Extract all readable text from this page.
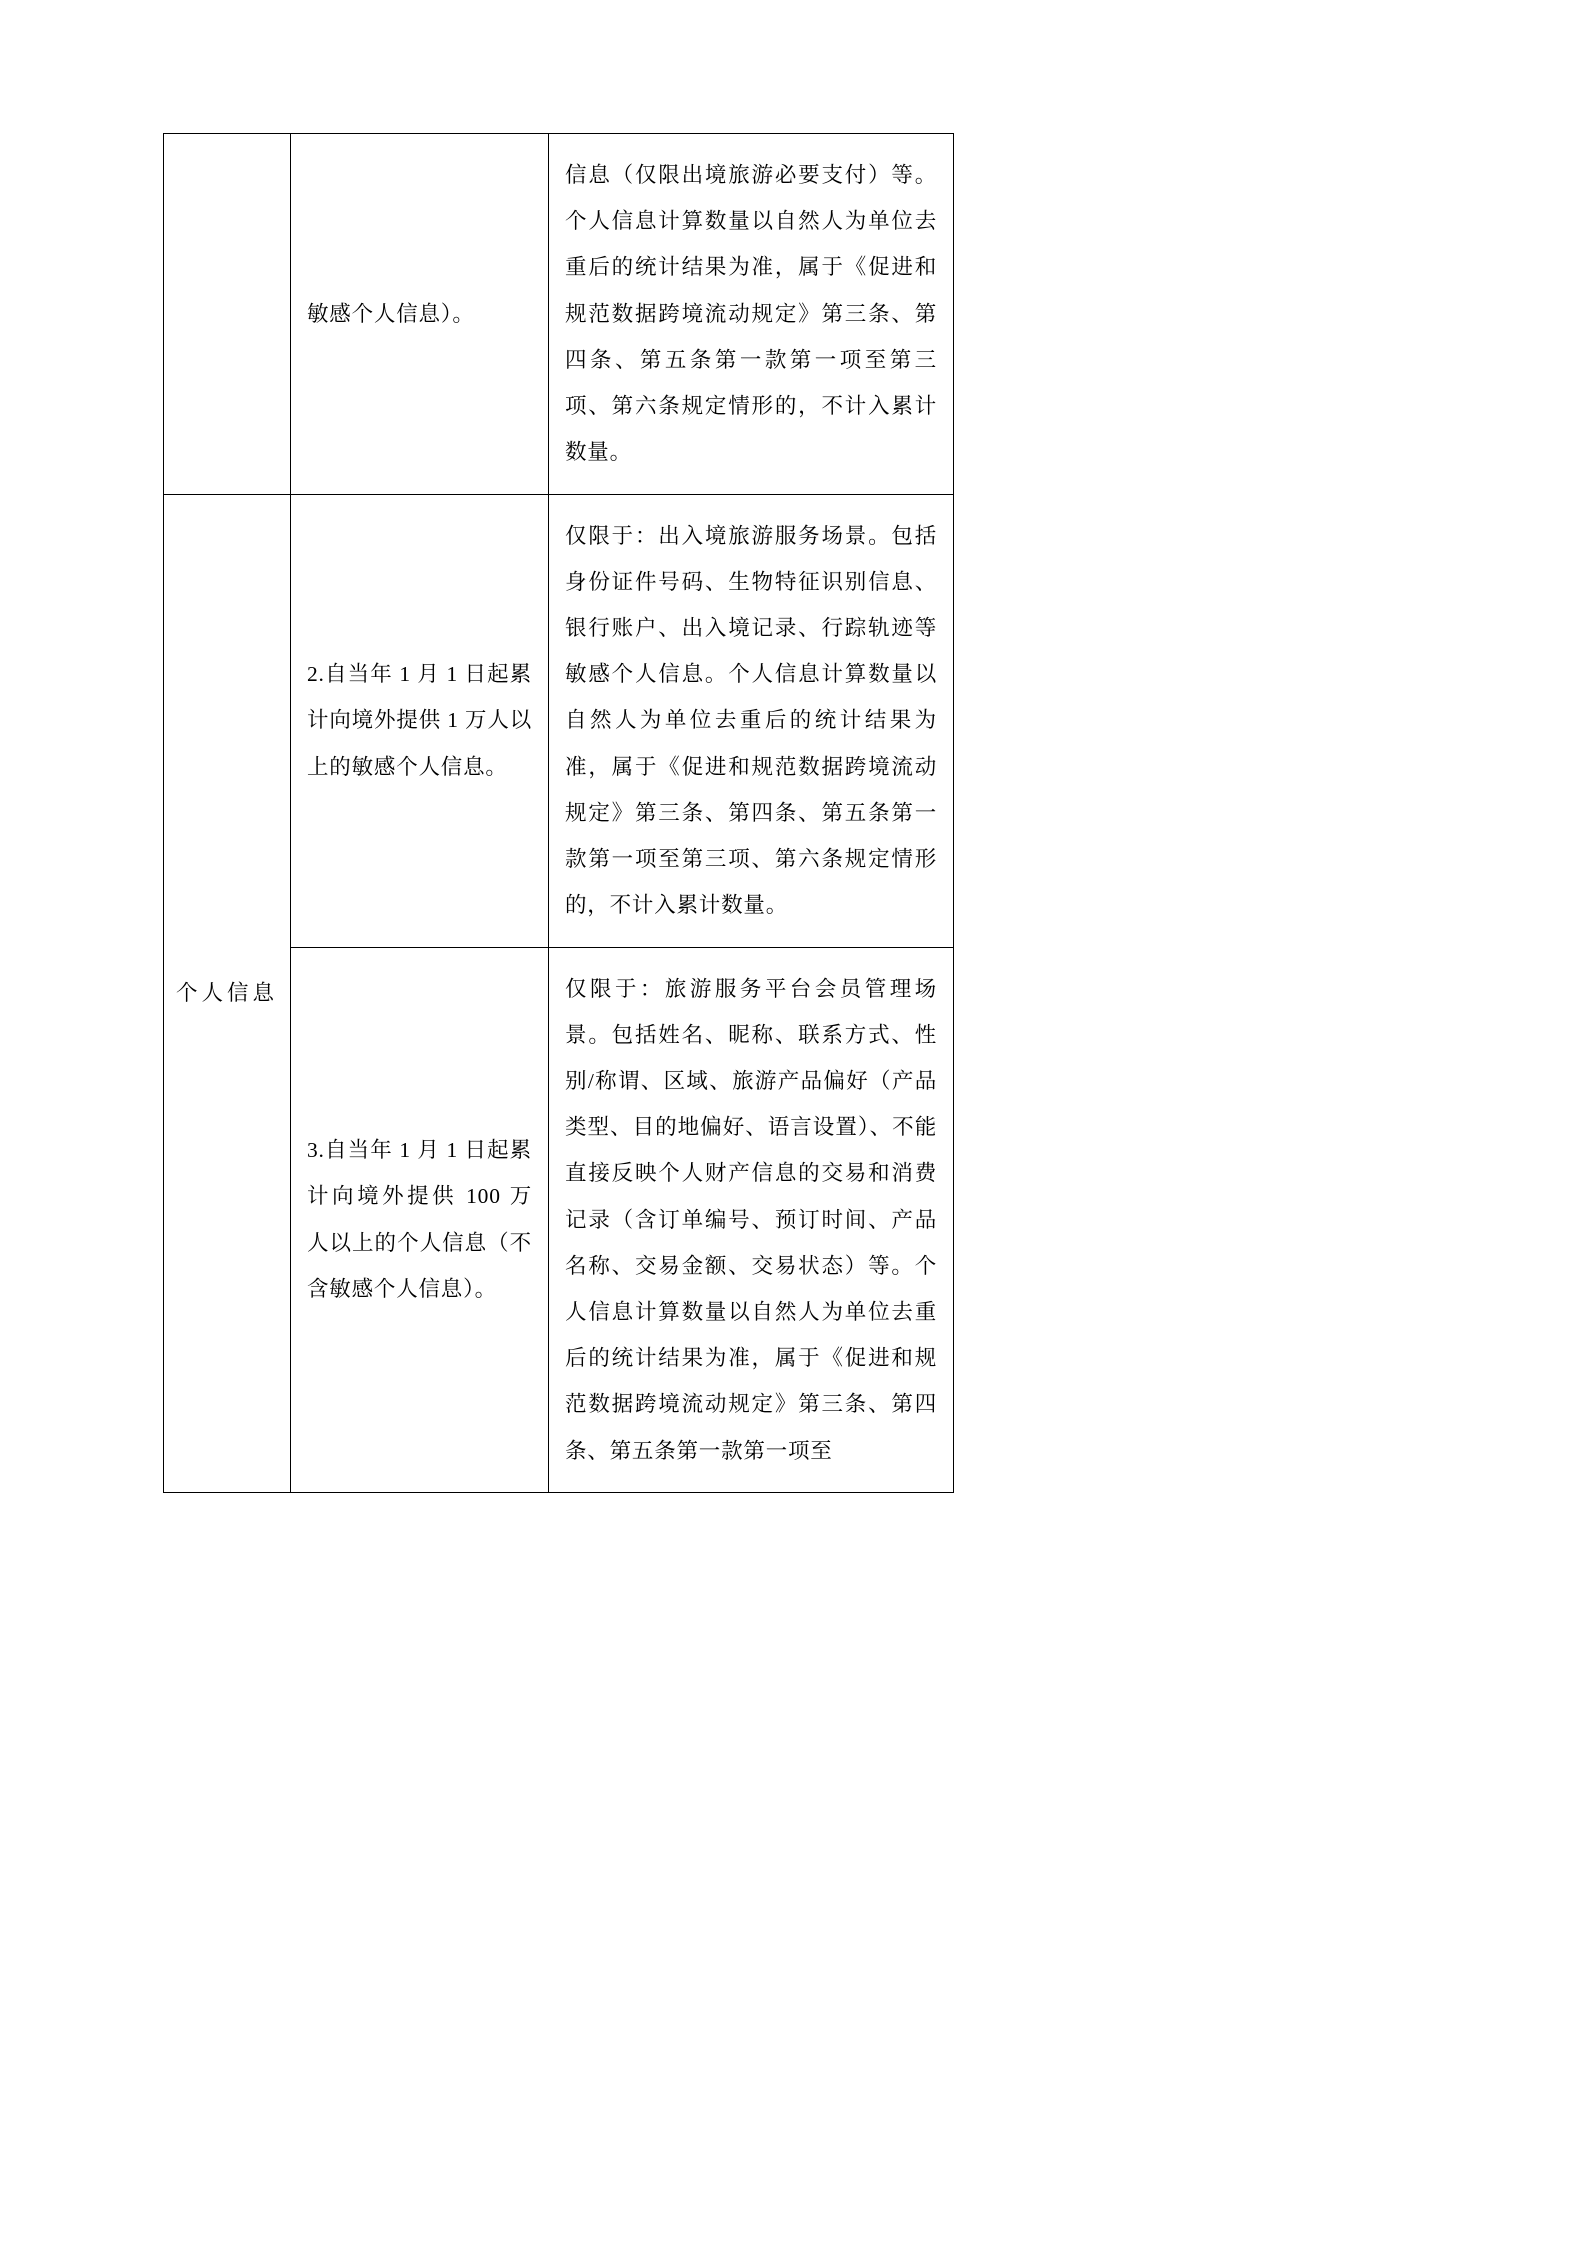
	敏感个人信息）。	信息（仅限出境旅游必要支付）等。个人信息计算数量以自然人为单位去重后的统计结果为准，属于《促进和规范数据跨境流动规定》第三条、第四条、第五条第一款第一项至第三项、第六条规定情形的，不计入累计数量。

个人信息	2.自当年 1 月 1 日起累计向境外提供 1 万人以上的敏感个人信息。	仅限于：出入境旅游服务场景。包括身份证件号码、生物特征识别信息、银行账户、出入境记录、行踪轨迹等敏感个人信息。个人信息计算数量以自然人为单位去重后的统计结果为准，属于《促进和规范数据跨境流动规定》第三条、第四条、第五条第一款第一项至第三项、第六条规定情形的，不计入累计数量。

	3.自当年 1 月 1 日起累计向境外提供 100 万人以上的个人信息（不含敏感个人信息）。	仅限于：旅游服务平台会员管理场景。包括姓名、昵称、联系方式、性别/称谓、区域、旅游产品偏好（产品类型、目的地偏好、语言设置）、不能直接反映个人财产信息的交易和消费记录（含订单编号、预订时间、产品名称、交易金额、交易状态）等。个人信息计算数量以自然人为单位去重后的统计结果为准，属于《促进和规范数据跨境流动规定》第三条、第四条、第五条第一款第一项至
